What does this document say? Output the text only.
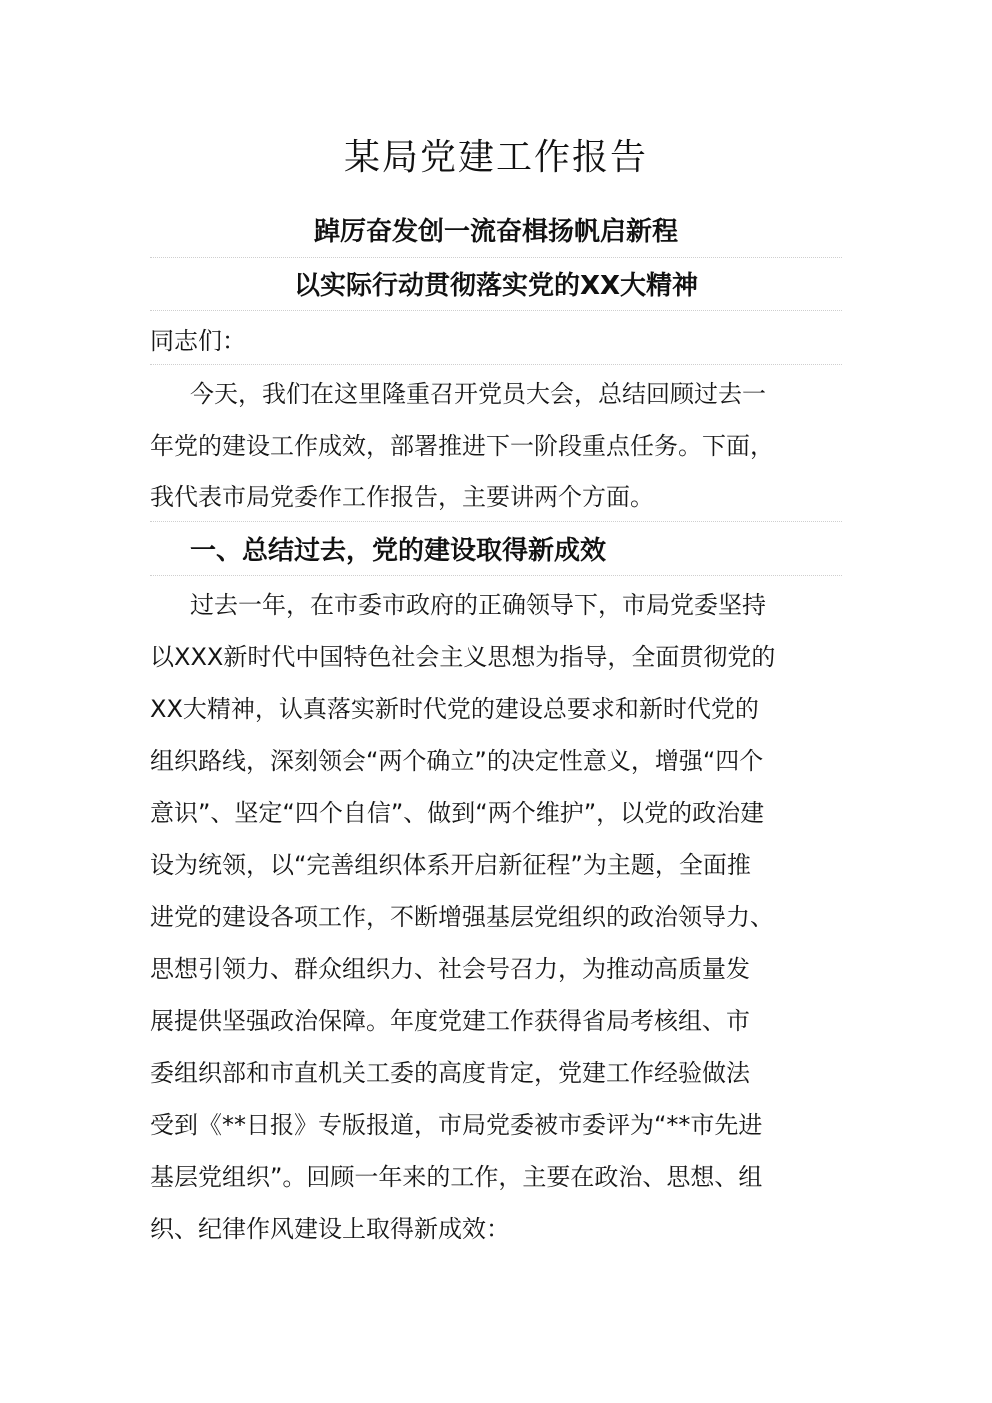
某局党建工作报告
踔厉奋发创一流奋楫扬帆启新程
以实际行动贯彻落实党的XX大精神
同志们：
今天，我们在这里隆重召开党员大会，总结回顾过去一
年党的建设工作成效，部署推进下一阶段重点任务。下面，
我代表市局党委作工作报告，主要讲两个方面。
一、总结过去，党的建设取得新成效
过去一年，在市委市政府的正确领导下，市局党委坚持
以XXX新时代中国特色社会主义思想为指导，全面贯彻党的
XX大精神，认真落实新时代党的建设总要求和新时代党的
组织路线，深刻领会“两个确立”的决定性意义，增强“四个
意识”、坚定“四个自信”、做到“两个维护”，以党的政治建
设为统领，以“完善组织体系开启新征程”为主题，全面推
进党的建设各项工作，不断增强基层党组织的政治领导力、
思想引领力、群众组织力、社会号召力，为推动高质量发
展提供坚强政治保障。年度党建工作获得省局考核组、市
委组织部和市直机关工委的高度肯定，党建工作经验做法
受到《**日报》专版报道，市局党委被市委评为“**市先进
基层党组织”。回顾一年来的工作，主要在政治、思想、组
织、纪律作风建设上取得新成效：
